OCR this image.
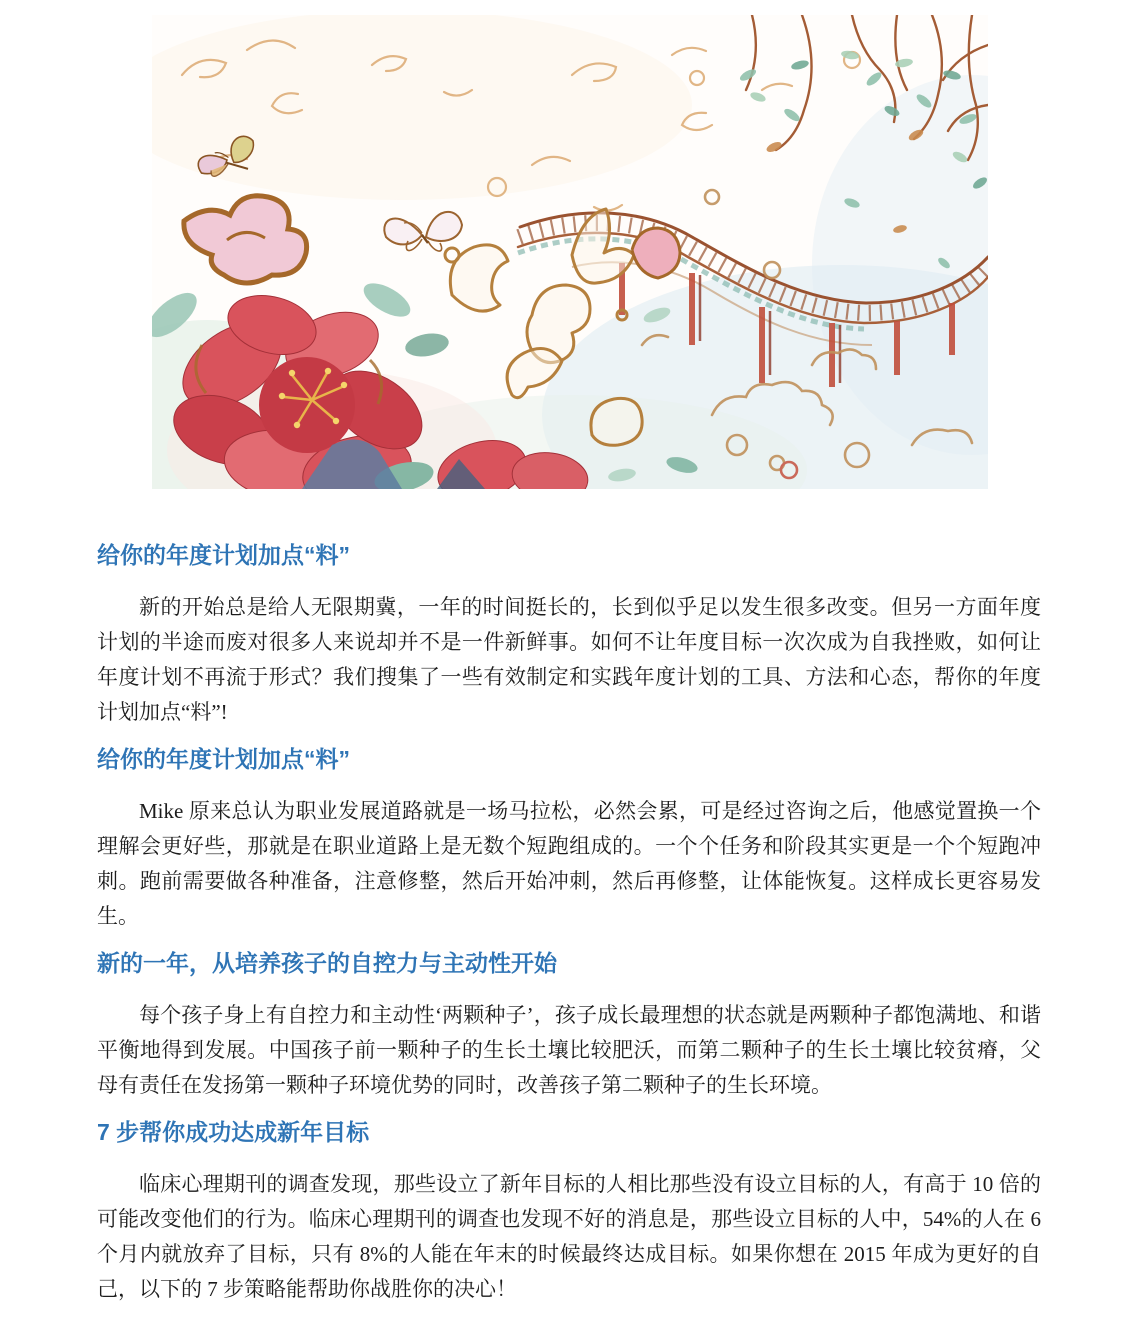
给你的年度计划加点“料”

新的开始总是给人无限期冀，一年的时间挺长的，长到似乎足以发生很多改变。但另一方面年度计划的半途而废对很多人来说却并不是一件新鲜事。如何不让年度目标一次次成为自我挫败，如何让年度计划不再流于形式？我们搜集了一些有效制定和实践年度计划的工具、方法和心态，帮你的年度计划加点“料”!

给你的年度计划加点“料”

Mike 原来总认为职业发展道路就是一场马拉松，必然会累，可是经过咨询之后，他感觉置换一个理解会更好些，那就是在职业道路上是无数个短跑组成的。一个个任务和阶段其实更是一个个短跑冲刺。跑前需要做各种准备，注意修整，然后开始冲刺，然后再修整，让体能恢复。这样成长更容易发生。

新的一年，从培养孩子的自控力与主动性开始

每个孩子身上有自控力和主动性‘两颗种子’，孩子成长最理想的状态就是两颗种子都饱满地、和谐平衡地得到发展。中国孩子前一颗种子的生长土壤比较肥沃，而第二颗种子的生长土壤比较贫瘠，父母有责任在发扬第一颗种子环境优势的同时，改善孩子第二颗种子的生长环境。

7 步帮你成功达成新年目标

临床心理期刊的调查发现，那些设立了新年目标的人相比那些没有设立目标的人，有高于 10 倍的可能改变他们的行为。临床心理期刊的调查也发现不好的消息是，那些设立目标的人中，54%的人在 6 个月内就放弃了目标，只有 8%的人能在年末的时候最终达成目标。如果你想在 2015 年成为更好的自己，以下的 7 步策略能帮助你战胜你的决心！
